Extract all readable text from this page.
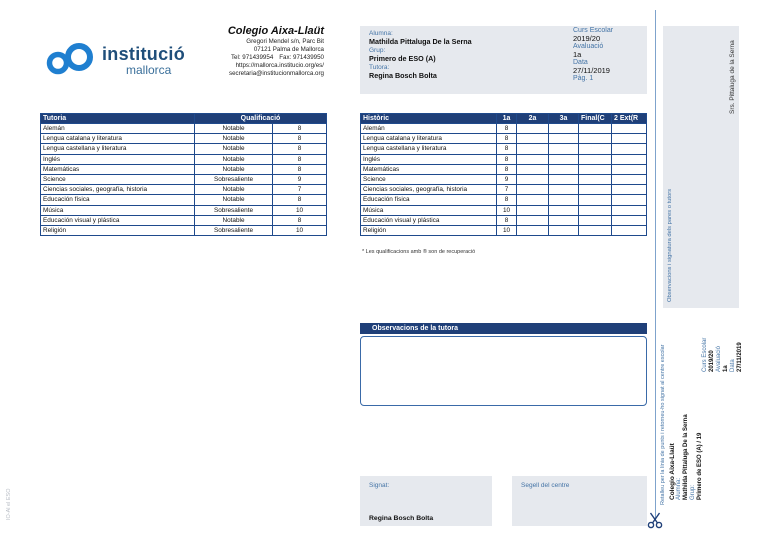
institució
mallorca
Colegio Aixa-Llaüt
Gregori Mendel s/n, Parc Bit
07121 Palma de Mallorca
Tel: 971439954 Fax: 971439950
https://mallorca.institucio.org/es/
secretaria@institucionmallorca.org
Alumna:
Mathilda Pittaluga De la Serna
Grup:
Primero de ESO (A)
Tutora:
Regina Bosch Bolta
Curs Escolar
2019/20
Avaluació
1a
Data
27/11/2019
Pàg. 1
Tutoria	Qualificació	
Alemán	Notable	8
Lengua catalana y literatura	Notable	8
Lengua castellana y literatura	Notable	8
Inglés	Notable	8
Matemáticas	Notable	8
Science	Sobresaliente	9
Ciencias sociales, geografía, historia	Notable	7
Educación física	Notable	8
Música	Sobresaliente	10
Educación visual y plástica	Notable	8
Religión	Sobresaliente	10
Històric	1a	2a	3a	Final(C	2 Ext(R
Alemán	8				
Lengua catalana y literatura	8				
Lengua castellana y literatura	8				
Inglés	8				
Matemáticas	8				
Science	9				
Ciencias sociales, geografía, historia	7				
Educación física	8				
Música	10				
Educación visual y plástica	8				
Religión	10				
* Les qualificacions amb ® son de recuperació
Observacions de la tutora
Signat:
Regina Bosch Bolta
Segell del centre
Srs. Pittaluga de la Serna
Observacions i signatura dels pares o tutors
Retalleu per la línia de punts i retorneu-ho signat al centre escolar Colegio Aixa-Llaüt Alumna: Mathilda Pittaluga De la Serna Grup: Primero de ESO (A) / 19
Curs Escolar 2019/20 Avaluació 1a Data 27/11/2019
IO-Al el ESO
